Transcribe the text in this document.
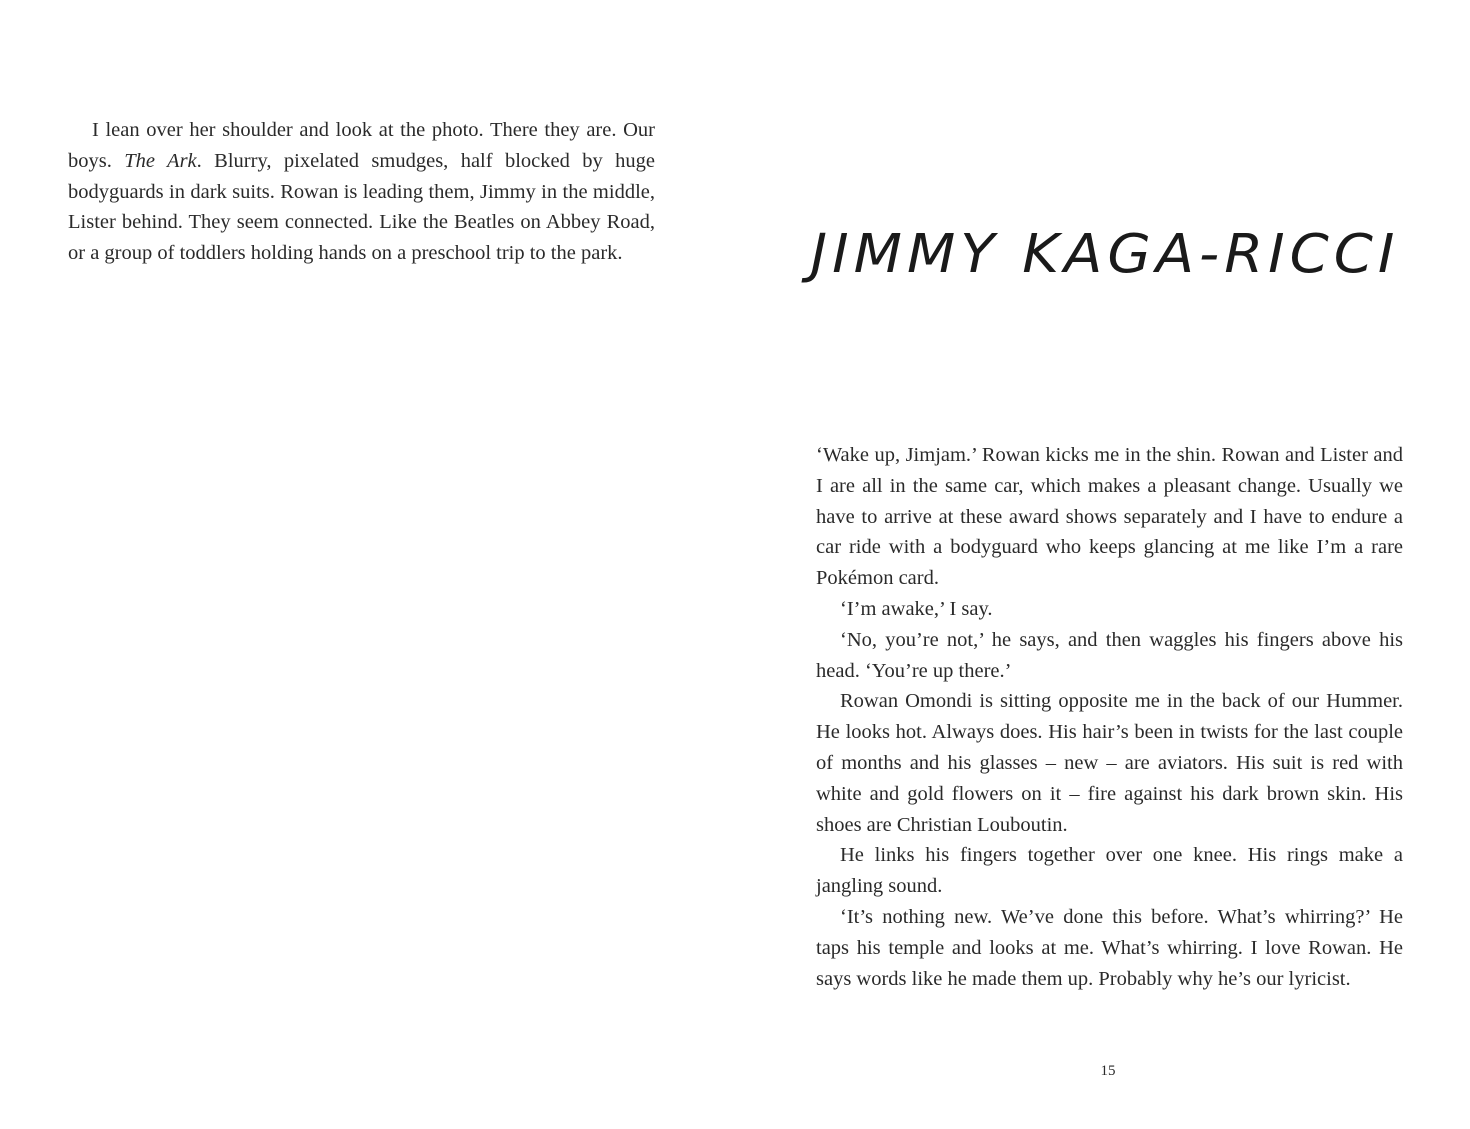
I lean over her shoulder and look at the photo. There they are. Our boys. The Ark. Blurry, pixelated smudges, half blocked by huge bodyguards in dark suits. Rowan is leading them, Jimmy in the middle, Lister behind. They seem connected. Like the Beatles on Abbey Road, or a group of toddlers holding hands on a preschool trip to the park.	JIMMY KAGA-RICCI

‘Wake up, Jimjam.’ Rowan kicks me in the shin. Rowan and Lister and I are all in the same car, which makes a pleasant change. Usually we have to arrive at these award shows separately and I have to endure a car ride with a bodyguard who keeps glancing at me like I’m a rare Pokémon card.

‘I’m awake,’ I say.

‘No, you’re not,’ he says, and then waggles his fingers above his head. ‘You’re up there.’

Rowan Omondi is sitting opposite me in the back of our Hummer. He looks hot. Always does. His hair’s been in twists for the last couple of months and his glasses – new – are aviators. His suit is red with white and gold flowers on it – fire against his dark brown skin. His shoes are Christian Louboutin.

He links his fingers together over one knee. His rings make a jangling sound.

‘It’s nothing new. We’ve done this before. What’s whirring?’ He taps his temple and looks at me. What’s whirring. I love Rowan. He says words like he made them up. Probably why he’s our lyricist.

15
